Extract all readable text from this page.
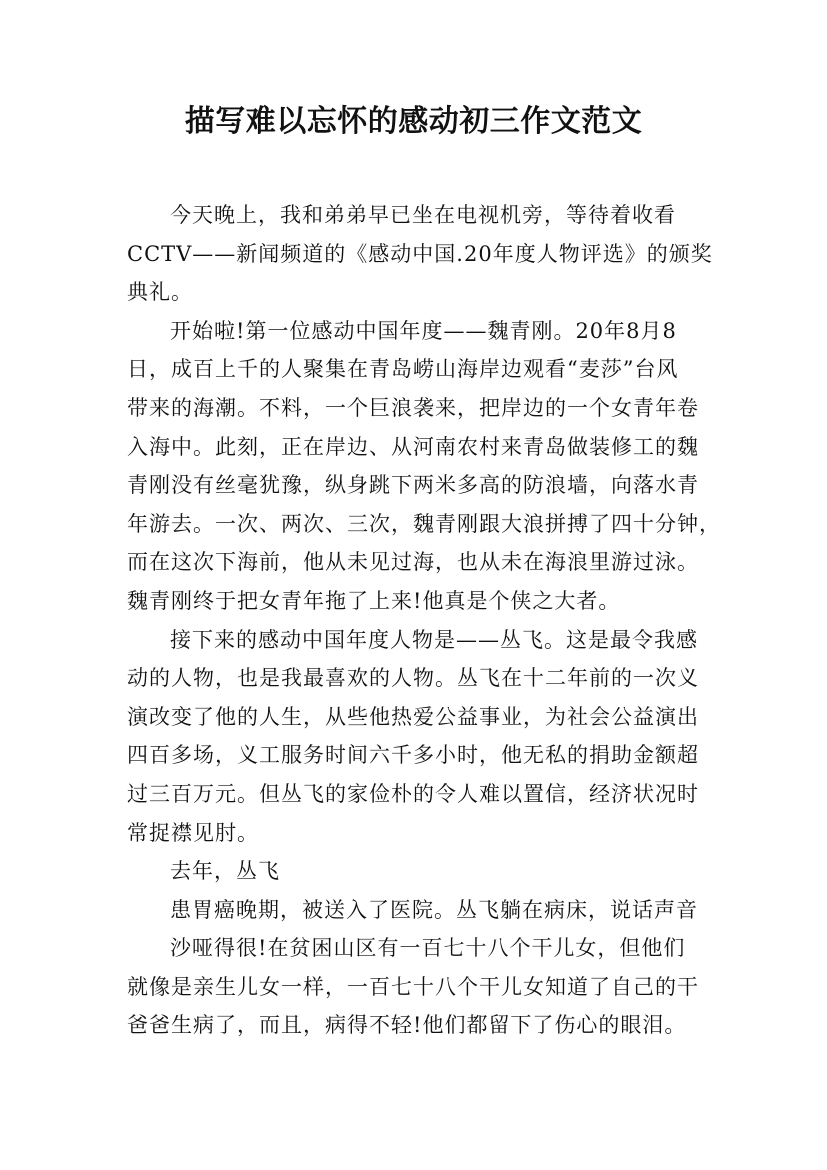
描写难以忘怀的感动初三作文范文
今天晚上，我和弟弟早已坐在电视机旁，等待着收看
CCTV——新闻频道的《感动中国.20年度人物评选》的颁奖
典礼。
开始啦!第一位感动中国年度——魏青刚。20年8月8
日，成百上千的人聚集在青岛崂山海岸边观看“麦莎”台风
带来的海潮。不料，一个巨浪袭来，把岸边的一个女青年卷
入海中。此刻，正在岸边、从河南农村来青岛做装修工的魏
青刚没有丝毫犹豫，纵身跳下两米多高的防浪墙，向落水青
年游去。一次、两次、三次，魏青刚跟大浪拼搏了四十分钟，
而在这次下海前，他从未见过海，也从未在海浪里游过泳。
魏青刚终于把女青年拖了上来!他真是个侠之大者。
接下来的感动中国年度人物是——丛飞。这是最令我感
动的人物，也是我最喜欢的人物。丛飞在十二年前的一次义
演改变了他的人生，从些他热爱公益事业，为社会公益演出
四百多场，义工服务时间六千多小时，他无私的捐助金额超
过三百万元。但丛飞的家俭朴的令人难以置信，经济状况时
常捉襟见肘。
去年，丛飞
患胃癌晚期，被送入了医院。丛飞躺在病床，说话声音
沙哑得很!在贫困山区有一百七十八个干儿女，但他们
就像是亲生儿女一样，一百七十八个干儿女知道了自己的干
爸爸生病了，而且，病得不轻!他们都留下了伤心的眼泪。
